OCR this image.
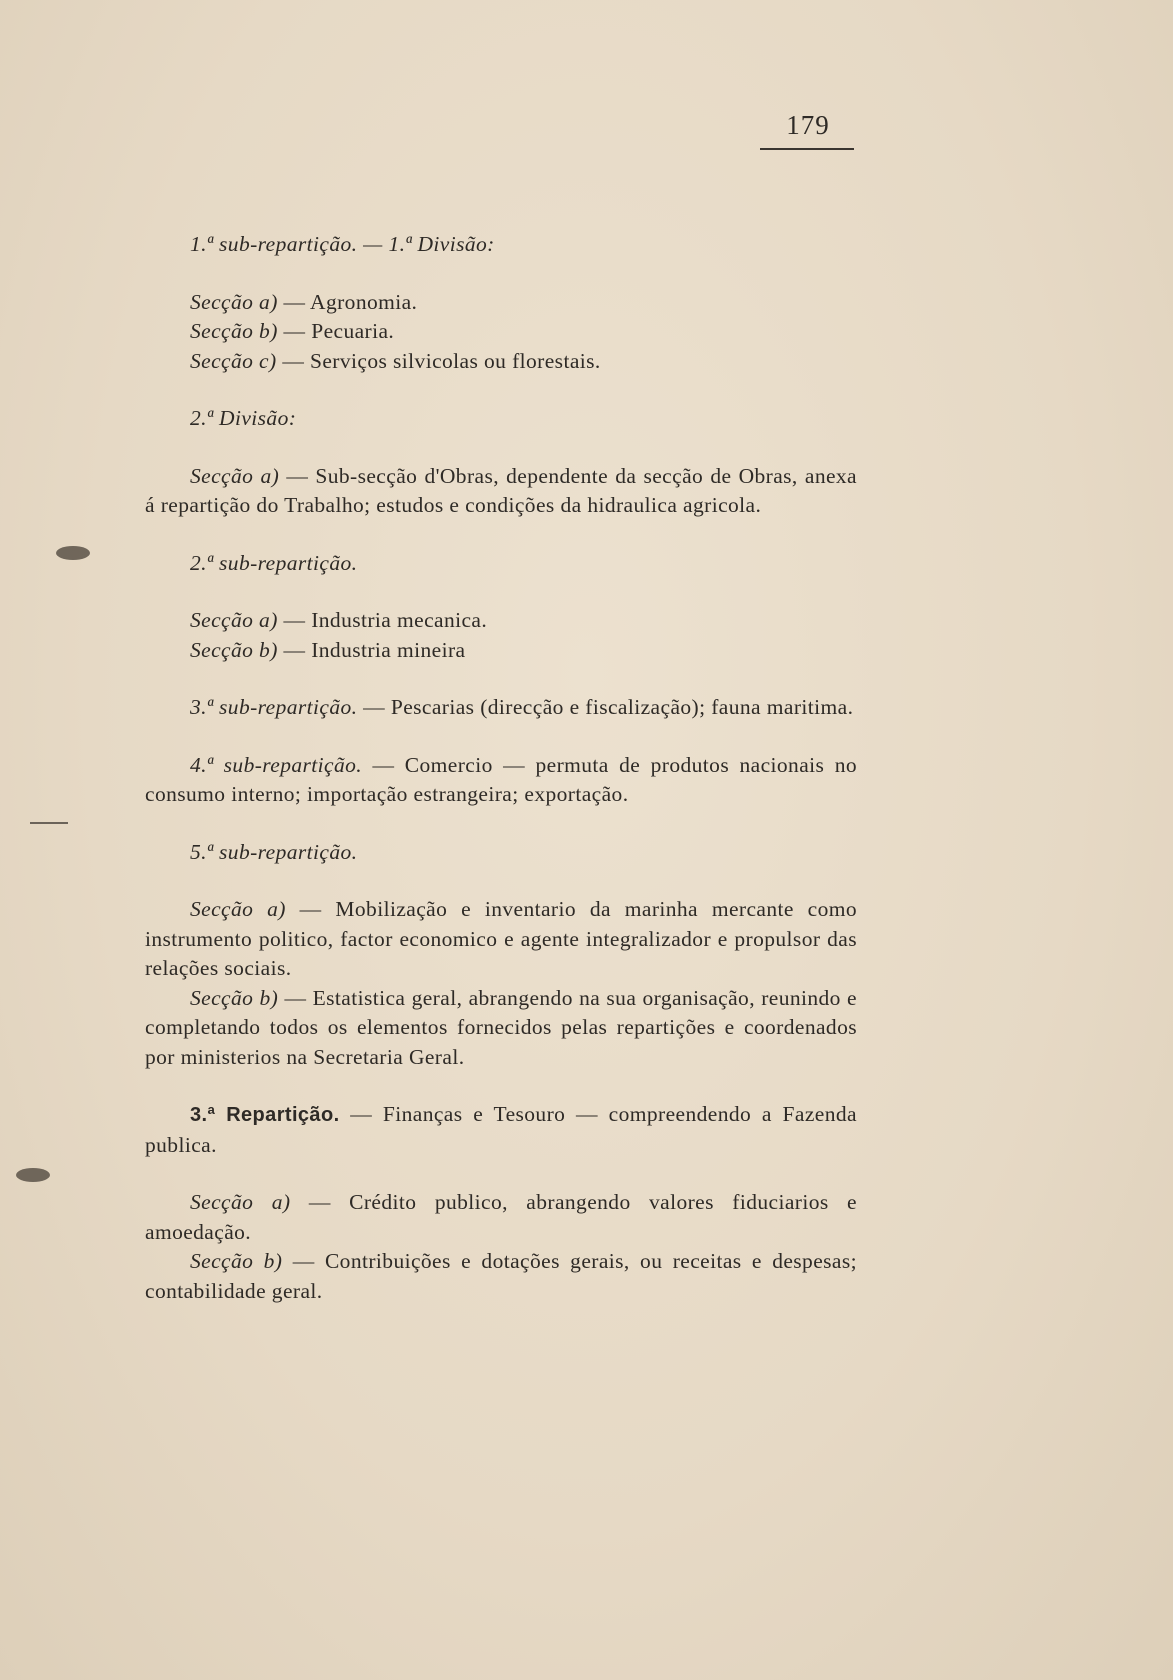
179

1.ª sub-repartição. — 1.ª Divisão:

Secção a) — Agronomia.

Secção b) — Pecuaria.

Secção c) — Serviços silvicolas ou florestais.

2.ª Divisão:

Secção a) — Sub-secção d'Obras, dependente da secção de Obras, anexa á repartição do Trabalho; estudos e condições da hidraulica agricola.

2.ª sub-repartição.

Secção a) — Industria mecanica.

Secção b) — Industria mineira

3.ª sub-repartição. — Pescarias (direcção e fiscalização); fauna maritima.

4.ª sub-repartição. — Comercio — permuta de produtos nacionais no consumo interno; importação estrangeira; exportação.

5.ª sub-repartição.

Secção a) — Mobilização e inventario da marinha mercante como instrumento politico, factor economico e agente integralizador e propulsor das relações sociais.

Secção b) — Estatistica geral, abrangendo na sua organisação, reunindo e completando todos os elementos fornecidos pelas repartições e coordenados por ministerios na Secretaria Geral.

3.ª Repartição. — Finanças e Tesouro — compreendendo a Fazenda publica.

Secção a) — Crédito publico, abrangendo valores fiduciarios e amoedação.

Secção b) — Contribuições e dotações gerais, ou receitas e despesas; contabilidade geral.
